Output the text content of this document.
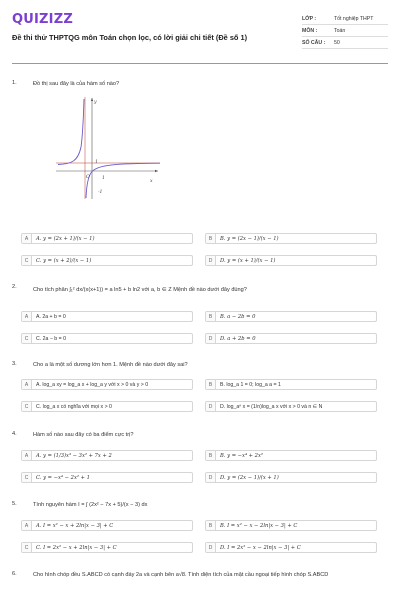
QUIZIZZ
Đề thi thử THPTQG môn Toán chọn lọc, có lời giải chi tiết (Đề số 1)
LỚP :	Tốt nghiệp THPT
MÔN :	Toán
SỐ CÂU :	50
1.	Đồ thị sau đây là của hàm số nào?
y
x
O
1
1
-1
A	A. y = (2x + 1)/(x − 1)	B	B. y = (2x − 1)/(x − 1)
C	C. y = (x + 2)/(x − 1)	D	D. y = (x + 1)/(x − 1)
2.	Cho tích phân ∫₁² dx/(x(x+1)) = a ln5 + b ln2 với a, b ∈ Z Mệnh đề nào dưới đây đúng?
A	A. 2a + b = 0	B	B. a − 2b = 0
C	C. 2a − b = 0	D	D. a + 2b = 0
3.	Cho a là một số dương lớn hơn 1. Mệnh đề nào dưới đây sai?
A	A. log_a xy = log_a x + log_a y với x > 0 và y > 0	B	B. log_a 1 = 0; log_a a = 1
C	C. log_a x có nghĩa với mọi x > 0	D	D. log_aⁿ x = (1/n)log_a x với x > 0 và n ∈ N
4.	Hàm số nào sau đây có ba điểm cực trị?
A	A. y = (1/3)x³ − 3x² + 7x + 2	B	B. y = −x⁴ + 2x²
C	C. y = −x⁴ − 2x² + 1	D	D. y = (2x − 1)/(x + 1)
5.	Tính nguyên hàm I = ∫ (2x² − 7x + 5)/(x − 3) dx
A	A. I = x² − x + 2ln|x − 3| + C	B	B. I = x² − x − 2ln|x − 3| + C
C	C. I = 2x² − x + 2ln|x − 3| + C	D	D. I = 2x² − x − 2ln|x − 3| + C
6.	Cho hình chóp đều S.ABCD có cạnh đáy 2a và cạnh bên a√8. Tính diện tích của mặt cầu ngoại tiếp hình chóp S.ABCD
